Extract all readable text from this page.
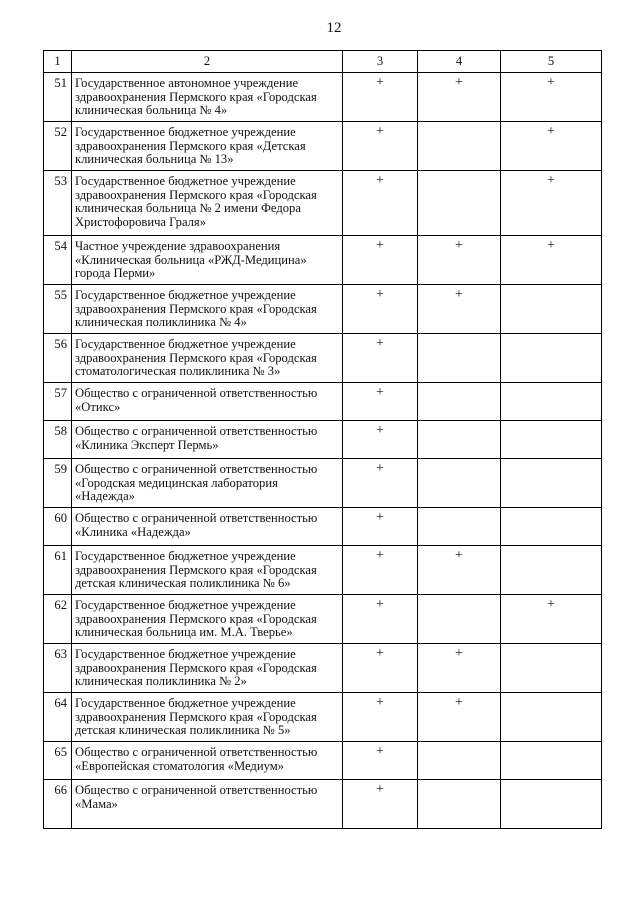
12
1	2	3	4	5
51	Государственное автономное учреждение здравоохранения Пермского края «Городская клиническая больница № 4»	+	+	+
52	Государственное бюджетное учреждение здравоохранения Пермского края «Детская клиническая больница № 13»	+		+
53	Государственное бюджетное учреждение здравоохранения Пермского края «Городская клиническая больница № 2 имени Федора Христофоровича Граля»	+		+
54	Частное учреждение здравоохранения «Клиническая больница «РЖД-Медицина» города Перми»	+	+	+
55	Государственное бюджетное учреждение здравоохранения Пермского края «Городская клиническая поликлиника № 4»	+	+	
56	Государственное бюджетное учреждение здравоохранения Пермского края «Городская стоматологическая поликлиника № 3»	+		
57	Общество с ограниченной ответственностью «Отикс»	+		
58	Общество с ограниченной ответственностью «Клиника Эксперт Пермь»	+		
59	Общество с ограниченной ответственностью «Городская медицинская лаборатория «Надежда»	+		
60	Общество с ограниченной ответственностью «Клиника «Надежда»	+		
61	Государственное бюджетное учреждение здравоохранения Пермского края «Городская детская клиническая поликлиника № 6»	+	+	
62	Государственное бюджетное учреждение здравоохранения Пермского края «Городская клиническая больница им. М.А. Тверье»	+		+
63	Государственное бюджетное учреждение здравоохранения Пермского края «Городская клиническая поликлиника № 2»	+	+	
64	Государственное бюджетное учреждение здравоохранения Пермского края «Городская детская клиническая поликлиника № 5»	+	+	
65	Общество с ограниченной ответственностью «Европейская стоматология «Медиум»	+		
66	Общество с ограниченной ответственностью «Мама»	+		
